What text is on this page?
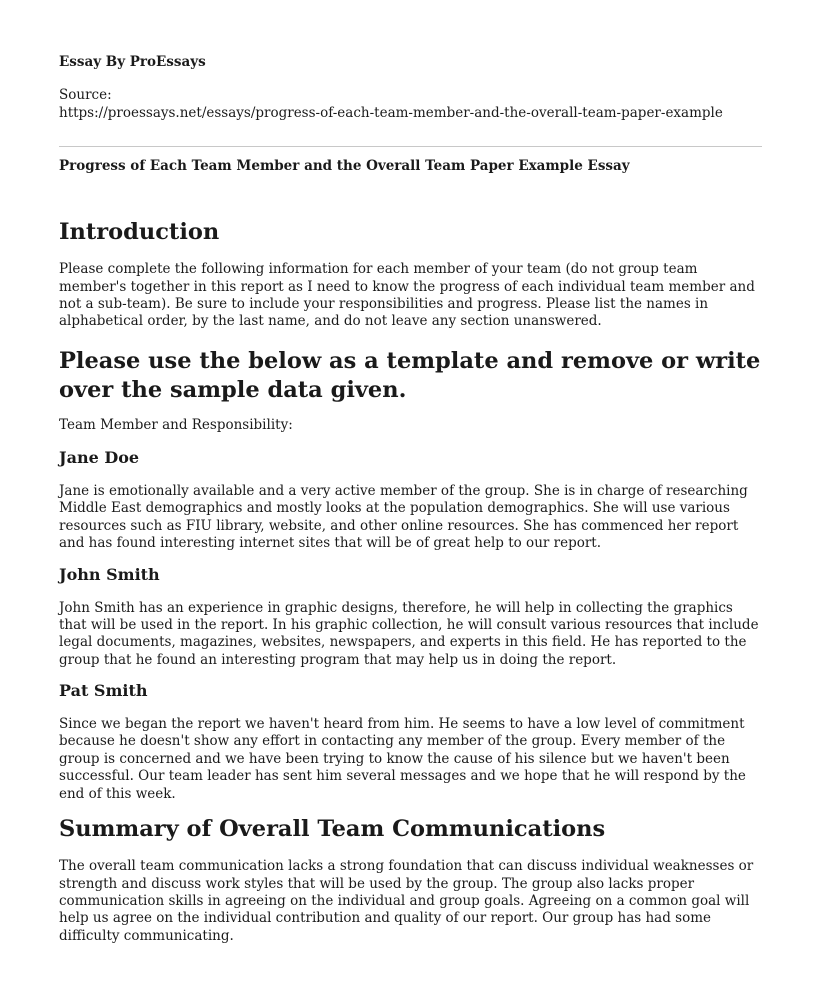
Essay By ProEssays

Source:

https://proessays.net/essays/progress-of-each-team-member-and-the-overall-team-paper-example

Progress of Each Team Member and the Overall Team Paper Example Essay

Introduction

Please complete the following information for each member of your team (do not group team member's together in this report as I need to know the progress of each individual team member and not a sub-team). Be sure to include your responsibilities and progress. Please list the names in alphabetical order, by the last name, and do not leave any section unanswered.

Please use the below as a template and remove or write over the sample data given.

Team Member and Responsibility:

Jane Doe

Jane is emotionally available and a very active member of the group. She is in charge of researching Middle East demographics and mostly looks at the population demographics. She will use various resources such as FIU library, website, and other online resources. She has commenced her report and has found interesting internet sites that will be of great help to our report.

John Smith

John Smith has an experience in graphic designs, therefore, he will help in collecting the graphics that will be used in the report. In his graphic collection, he will consult various resources that include legal documents, magazines, websites, newspapers, and experts in this field. He has reported to the group that he found an interesting program that may help us in doing the report.

Pat Smith

Since we began the report we haven't heard from him. He seems to have a low level of commitment because he doesn't show any effort in contacting any member of the group. Every member of the group is concerned and we have been trying to know the cause of his silence but we haven't been successful. Our team leader has sent him several messages and we hope that he will respond by the end of this week.

Summary of Overall Team Communications

The overall team communication lacks a strong foundation that can discuss individual weaknesses or strength and discuss work styles that will be used by the group. The group also lacks proper communication skills in agreeing on the individual and group goals. Agreeing on a common goal will help us agree on the individual contribution and quality of our report. Our group has had some difficulty communicating.
